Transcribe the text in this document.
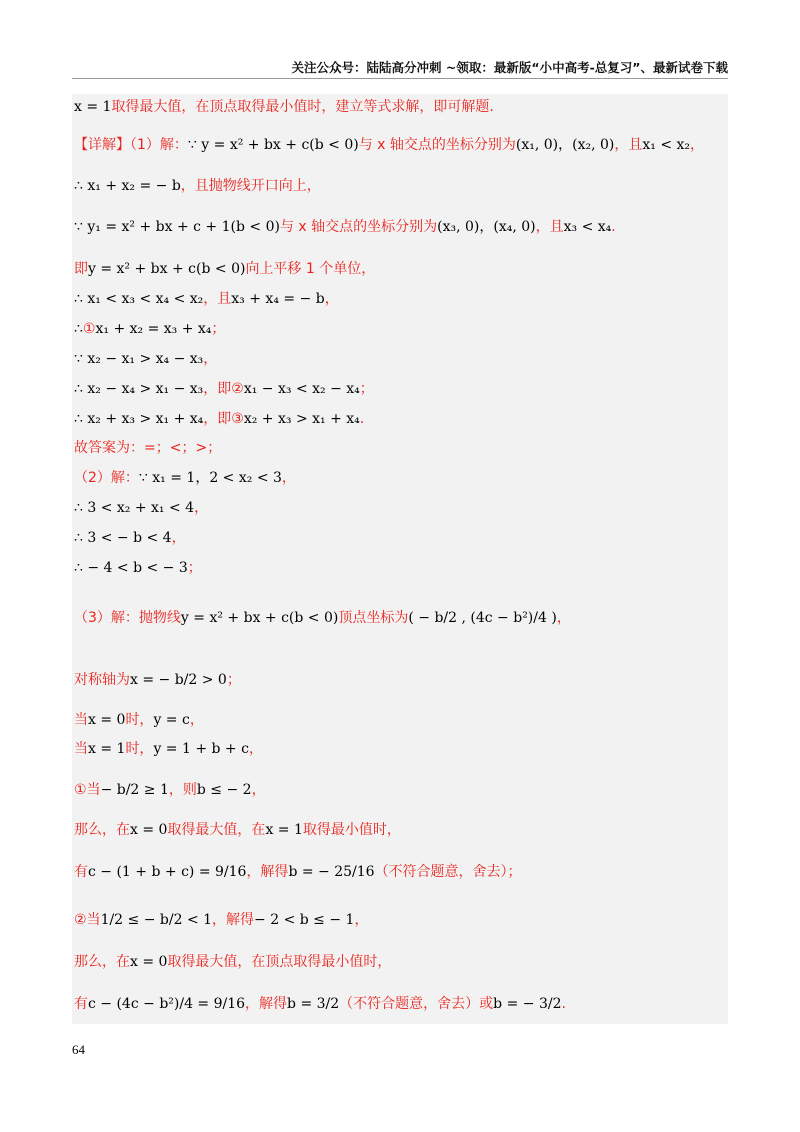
关注公众号：陆陆高分冲刺 ~领取：最新版“小中高考-总复习”、最新试卷下载
x = 1取得最大值，在顶点取得最小值时，建立等式求解，即可解题.
【详解】（1）解：∵ y = x² + bx + c(b < 0)与 x 轴交点的坐标分别为(x₁, 0)，(x₂, 0)，且x₁ < x₂，
∴ x₁ + x₂ = − b，且抛物线开口向上，
∵ y₁ = x² + bx + c + 1(b < 0)与 x 轴交点的坐标分别为(x₃, 0)，(x₄, 0)，且x₃ < x₄.
即y = x² + bx + c(b < 0)向上平移 1 个单位，
∴ x₁ < x₃ < x₄ < x₂，且x₃ + x₄ = − b，
∴①x₁ + x₂ = x₃ + x₄；
∵ x₂ − x₁ > x₄ − x₃，
∴ x₂ − x₄ > x₁ − x₃，即②x₁ − x₃ < x₂ − x₄；
∴ x₂ + x₃ > x₁ + x₄，即③x₂ + x₃ > x₁ + x₄.
故答案为：=；<；>；
（2）解：∵ x₁ = 1，2 < x₂ < 3，
∴ 3 < x₂ + x₁ < 4，
∴ 3 < − b < 4，
∴ − 4 < b < − 3；
（3）解：抛物线y = x² + bx + c(b < 0)顶点坐标为( − b/2 , (4c − b²)/4 )，
对称轴为x = − b/2 > 0；
当x = 0时，y = c，
当x = 1时，y = 1 + b + c，
①当− b/2 ≥ 1，则b ≤ − 2，
那么，在x = 0取得最大值，在x = 1取得最小值时，
有c − (1 + b + c) = 9/16，解得b = − 25/16（不符合题意，舍去）；
②当1/2 ≤ − b/2 < 1，解得− 2 < b ≤ − 1，
那么，在x = 0取得最大值，在顶点取得最小值时，
有c − (4c − b²)/4 = 9/16，解得b = 3/2（不符合题意，舍去）或b = − 3/2.
64
